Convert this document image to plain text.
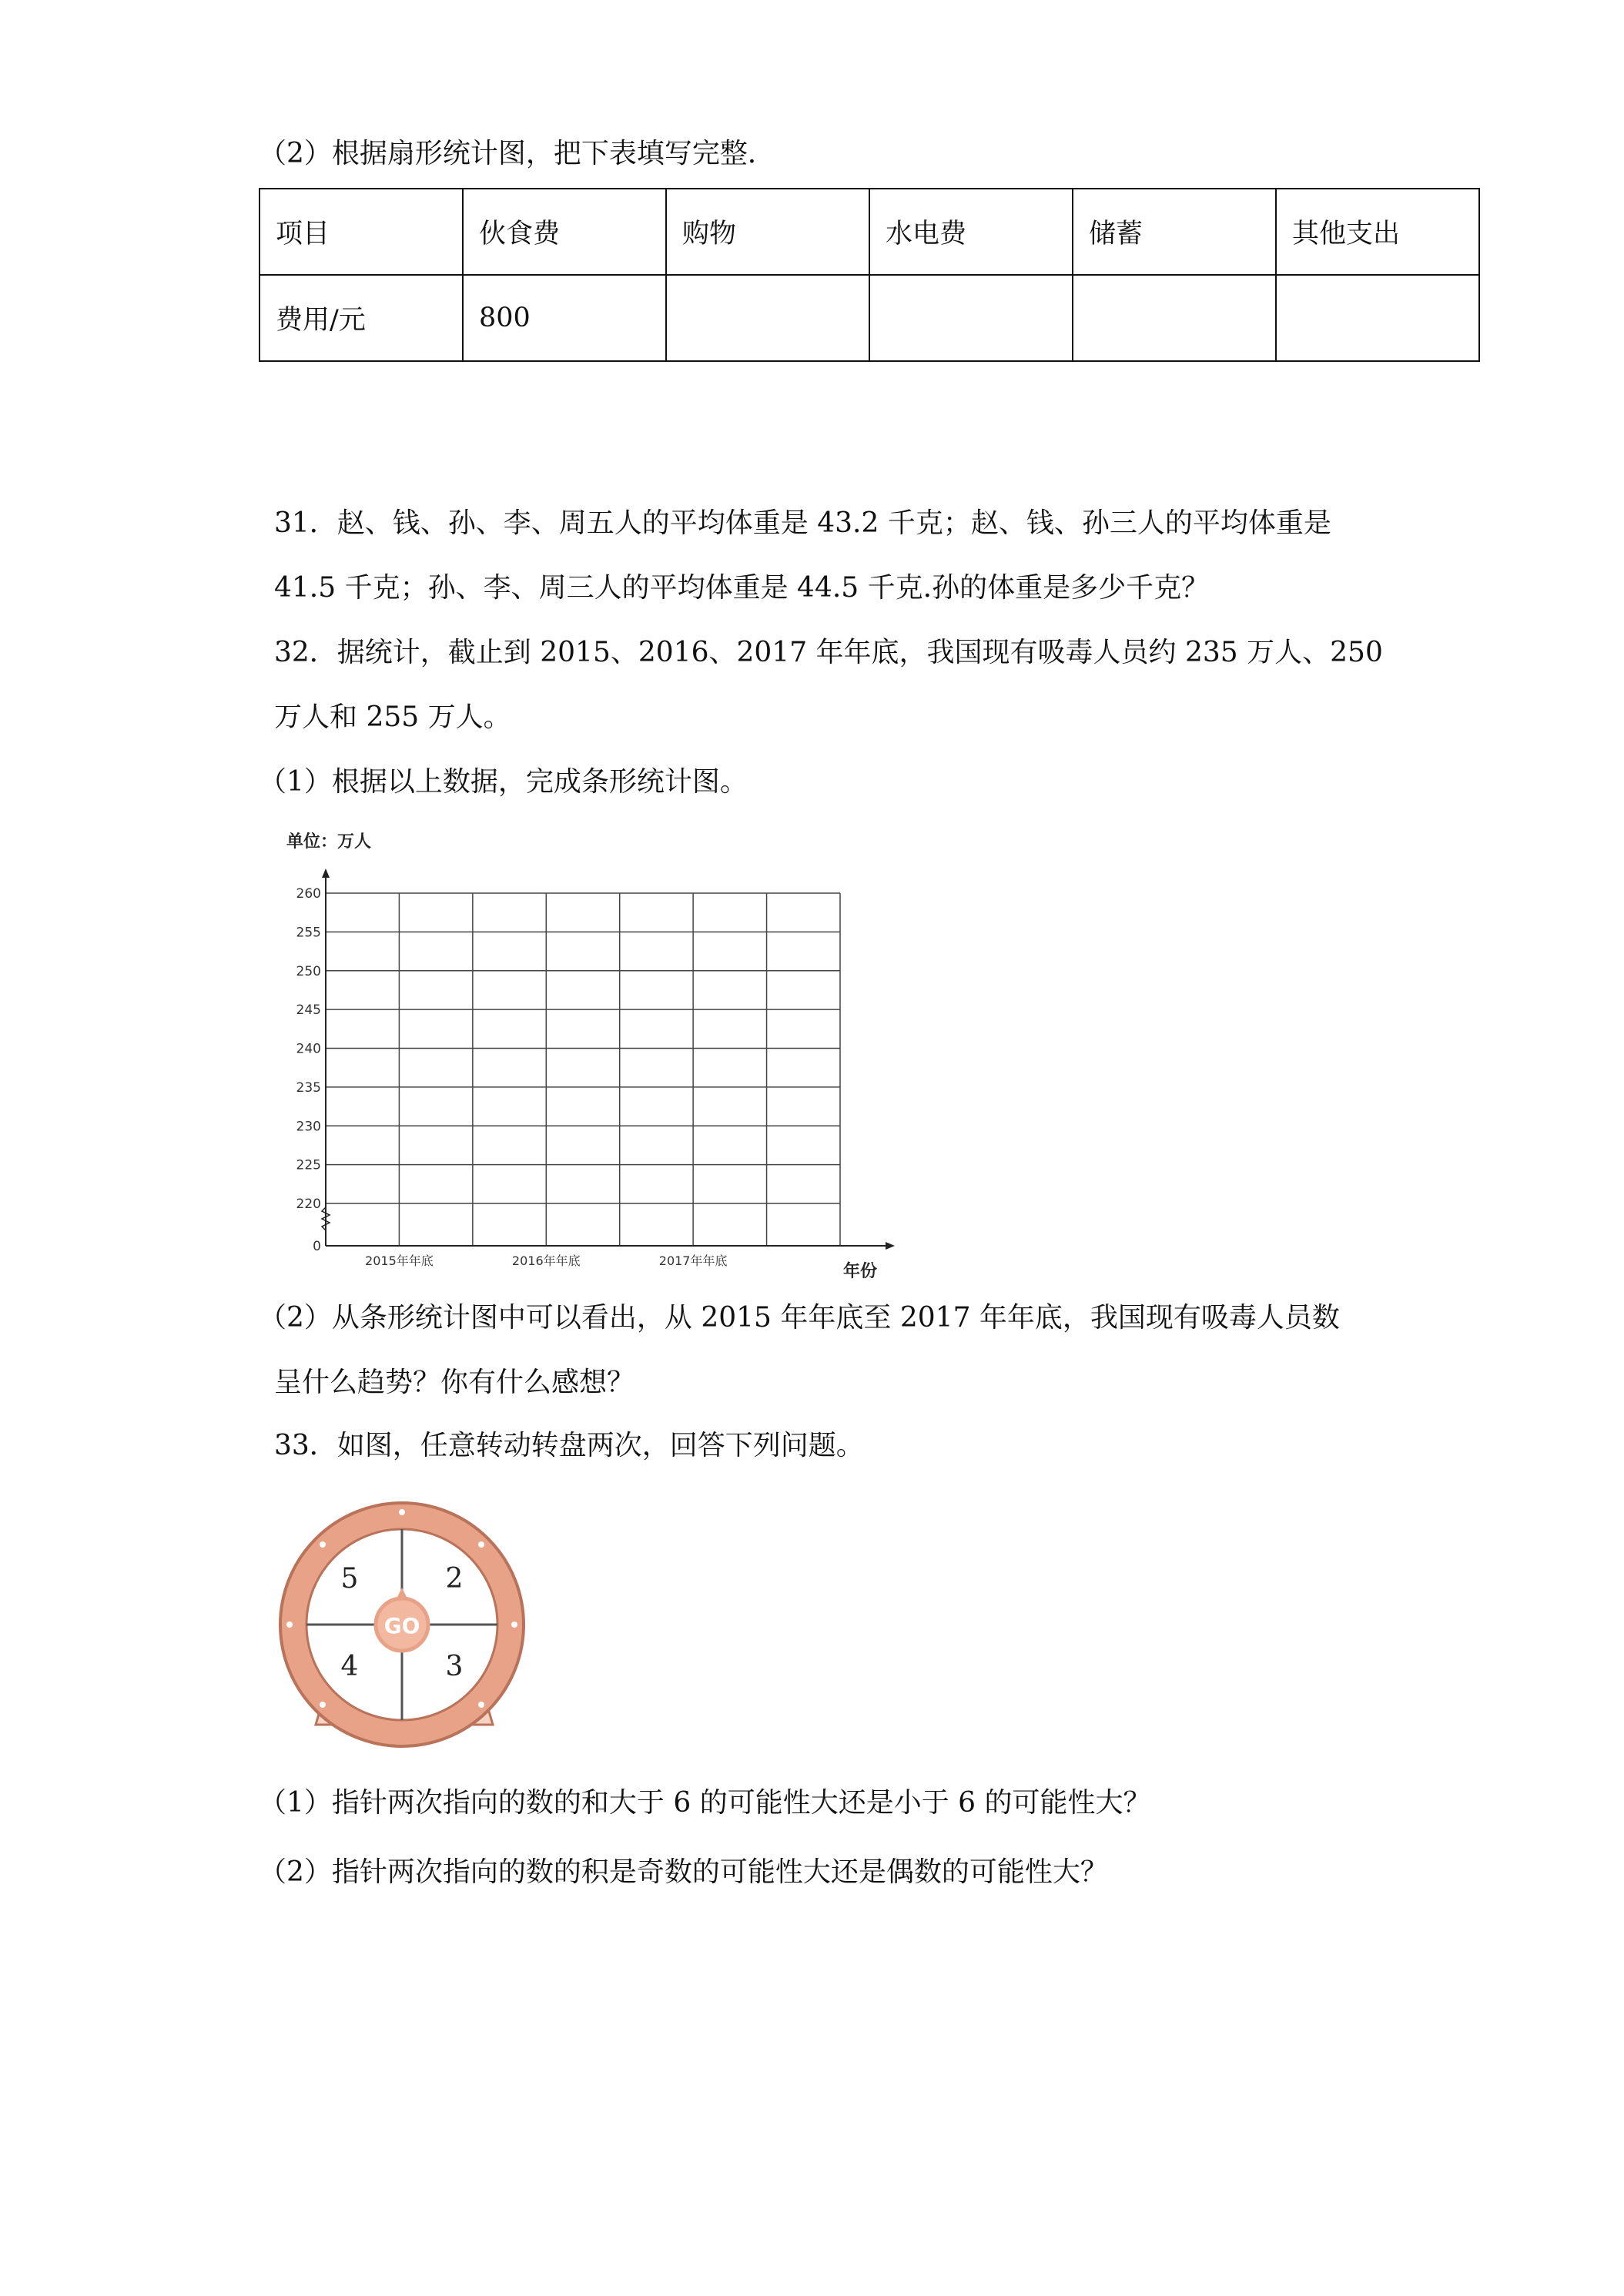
（2）根据扇形统计图，把下表填写完整．
项目	伙食费	购物	水电费	储蓄	其他支出
费用/元	800				
31．赵、钱、孙、李、周五人的平均体重是 43.2 千克；赵、钱、孙三人的平均体重是
41.5 千克；孙、李、周三人的平均体重是 44.5 千克.孙的体重是多少千克？
32．据统计，截止到 2015、2016、2017 年年底，我国现有吸毒人员约 235 万人、250
万人和 255 万人。
（1）根据以上数据，完成条形统计图。
0
220
225
230
235
240
245
250
255
260
单位：万人
年份
2015年年底	2016年年底	2017年年底
（2）从条形统计图中可以看出，从 2015 年年底至 2017 年年底，我国现有吸毒人员数
呈什么趋势？你有什么感想？
33．如图，任意转动转盘两次，回答下列问题。
GO
5	2
4	3
（1）指针两次指向的数的和大于 6 的可能性大还是小于 6 的可能性大？
（2）指针两次指向的数的积是奇数的可能性大还是偶数的可能性大？
